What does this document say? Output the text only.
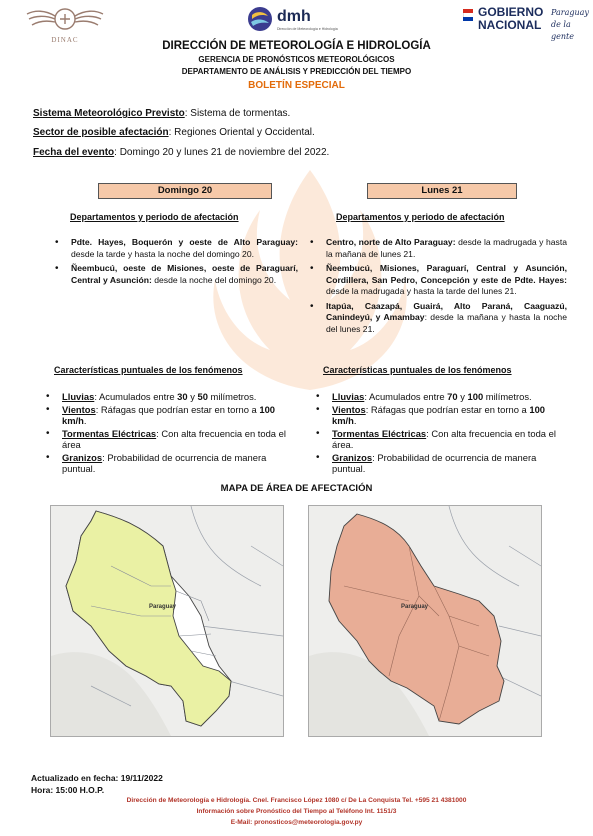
DINAC
dmh
Dirección de Meteorología e Hidrología
GOBIERNO
NACIONAL
Paraguay de la gente
DIRECCIÓN DE METEOROLOGÍA E HIDROLOGÍA
GERENCIA DE PRONÓSTICOS METEOROLÓGICOS
DEPARTAMENTO DE ANÁLISIS Y PREDICCIÓN DEL TIEMPO
BOLETÍN ESPECIAL
Sistema Meteorológico Previsto: Sistema de tormentas.
Sector de posible afectación: Regiones Oriental y Occidental.
Fecha del evento: Domingo 20 y lunes 21 de noviembre del 2022.
Domingo 20	Lunes 21
Departamentos y periodo de afectación	Departamentos y periodo de afectación
• Pdte. Hayes, Boquerón y oeste de Alto Paraguay: desde la tarde y hasta la noche del domingo 20.
• Ñeembucú, oeste de Misiones, oeste de Paraguarí, Central y Asunción: desde la noche del domingo 20.
• Centro, norte de Alto Paraguay: desde la madrugada y hasta la mañana de lunes 21.
• Ñeembucú, Misiones, Paraguarí, Central y Asunción, Cordillera, San Pedro, Concepción y este de Pdte. Hayes: desde la madrugada y hasta la tarde del lunes 21.
• Itapúa, Caazapá, Guairá, Alto Paraná, Caaguazú, Canindeyú, y Amambay: desde la mañana y hasta la noche del lunes 21.
Características puntuales de los fenómenos	Características puntuales de los fenómenos
• Lluvias: Acumulados entre 30 y 50 milímetros.
• Vientos: Ráfagas que podrían estar en torno a 100 km/h.
• Tormentas Eléctricas: Con alta frecuencia en toda el área
• Granizos: Probabilidad de ocurrencia de manera puntual.
• Lluvias: Acumulados entre 70 y 100 milímetros.
• Vientos: Ráfagas que podrían estar en torno a 100 km/h.
• Tormentas Eléctricas: Con alta frecuencia en toda el área.
• Granizos: Probabilidad de ocurrencia de manera puntual.
MAPA DE ÁREA DE AFECTACIÓN
Paraguay	Paraguay
Actualizado en fecha: 19/11/2022
Hora: 15:00 H.O.P.
Dirección de Meteorología e Hidrología. Cnel. Francisco López 1080 c/ De La Conquista Tel. +595 21 4381000
Información sobre Pronóstico del Tiempo al Teléfono Int. 1151/3
E-Mail: pronosticos@meteorologia.gov.py
